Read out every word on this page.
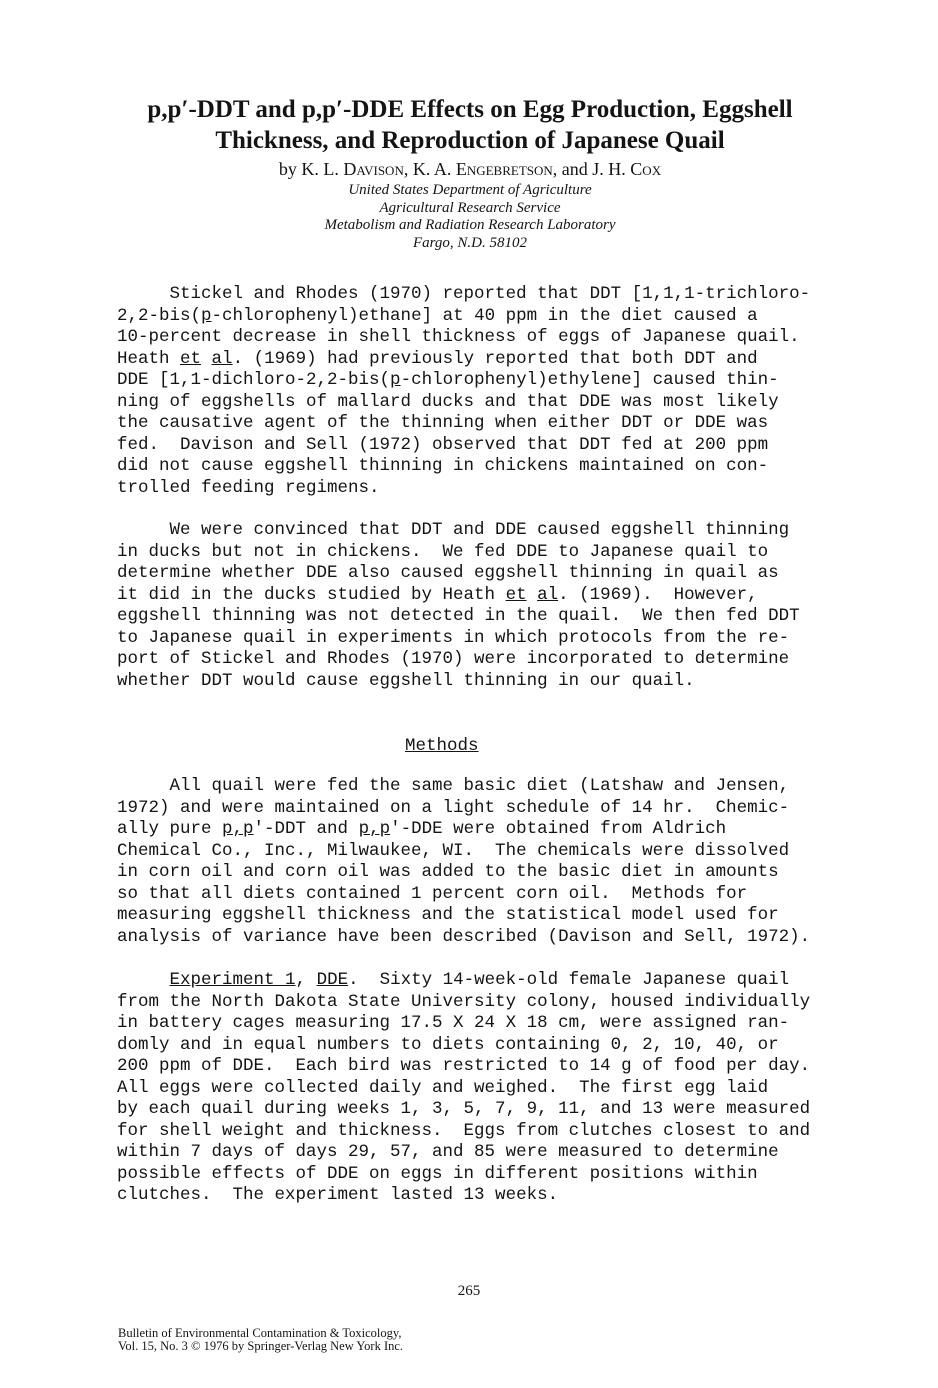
p,p′-DDT and p,p′-DDE Effects on Egg Production, Eggshell
Thickness, and Reproduction of Japanese Quail
by K. L. Davison, K. A. Engebretson, and J. H. Cox
United States Department of Agriculture
Agricultural Research Service
Metabolism and Radiation Research Laboratory
Fargo, N.D. 58102
Stickel and Rhodes (1970) reported that DDT [1,1,1-trichloro-
2,2-bis(p-chlorophenyl)ethane] at 40 ppm in the diet caused a
10-percent decrease in shell thickness of eggs of Japanese quail.
Heath et al. (1969) had previously reported that both DDT and
DDE [1,1-dichloro-2,2-bis(p-chlorophenyl)ethylene] caused thin-
ning of eggshells of mallard ducks and that DDE was most likely
the causative agent of the thinning when either DDT or DDE was
fed.  Davison and Sell (1972) observed that DDT fed at 200 ppm
did not cause eggshell thinning in chickens maintained on con-
trolled feeding regimens.
We were convinced that DDT and DDE caused eggshell thinning
in ducks but not in chickens.  We fed DDE to Japanese quail to
determine whether DDE also caused eggshell thinning in quail as
it did in the ducks studied by Heath et al. (1969).  However,
eggshell thinning was not detected in the quail.  We then fed DDT
to Japanese quail in experiments in which protocols from the re-
port of Stickel and Rhodes (1970) were incorporated to determine
whether DDT would cause eggshell thinning in our quail.
Methods
All quail were fed the same basic diet (Latshaw and Jensen,
1972) and were maintained on a light schedule of 14 hr.  Chemic-
ally pure p,p'-DDT and p,p'-DDE were obtained from Aldrich
Chemical Co., Inc., Milwaukee, WI.  The chemicals were dissolved
in corn oil and corn oil was added to the basic diet in amounts
so that all diets contained 1 percent corn oil.  Methods for
measuring eggshell thickness and the statistical model used for
analysis of variance have been described (Davison and Sell, 1972).
Experiment 1, DDE.  Sixty 14-week-old female Japanese quail
from the North Dakota State University colony, housed individually
in battery cages measuring 17.5 X 24 X 18 cm, were assigned ran-
domly and in equal numbers to diets containing 0, 2, 10, 40, or
200 ppm of DDE.  Each bird was restricted to 14 g of food per day.
All eggs were collected daily and weighed.  The first egg laid
by each quail during weeks 1, 3, 5, 7, 9, 11, and 13 were measured
for shell weight and thickness.  Eggs from clutches closest to and
within 7 days of days 29, 57, and 85 were measured to determine
possible effects of DDE on eggs in different positions within
clutches.  The experiment lasted 13 weeks.
265
Bulletin of Environmental Contamination & Toxicology,
Vol. 15, No. 3 © 1976 by Springer-Verlag New York Inc.
